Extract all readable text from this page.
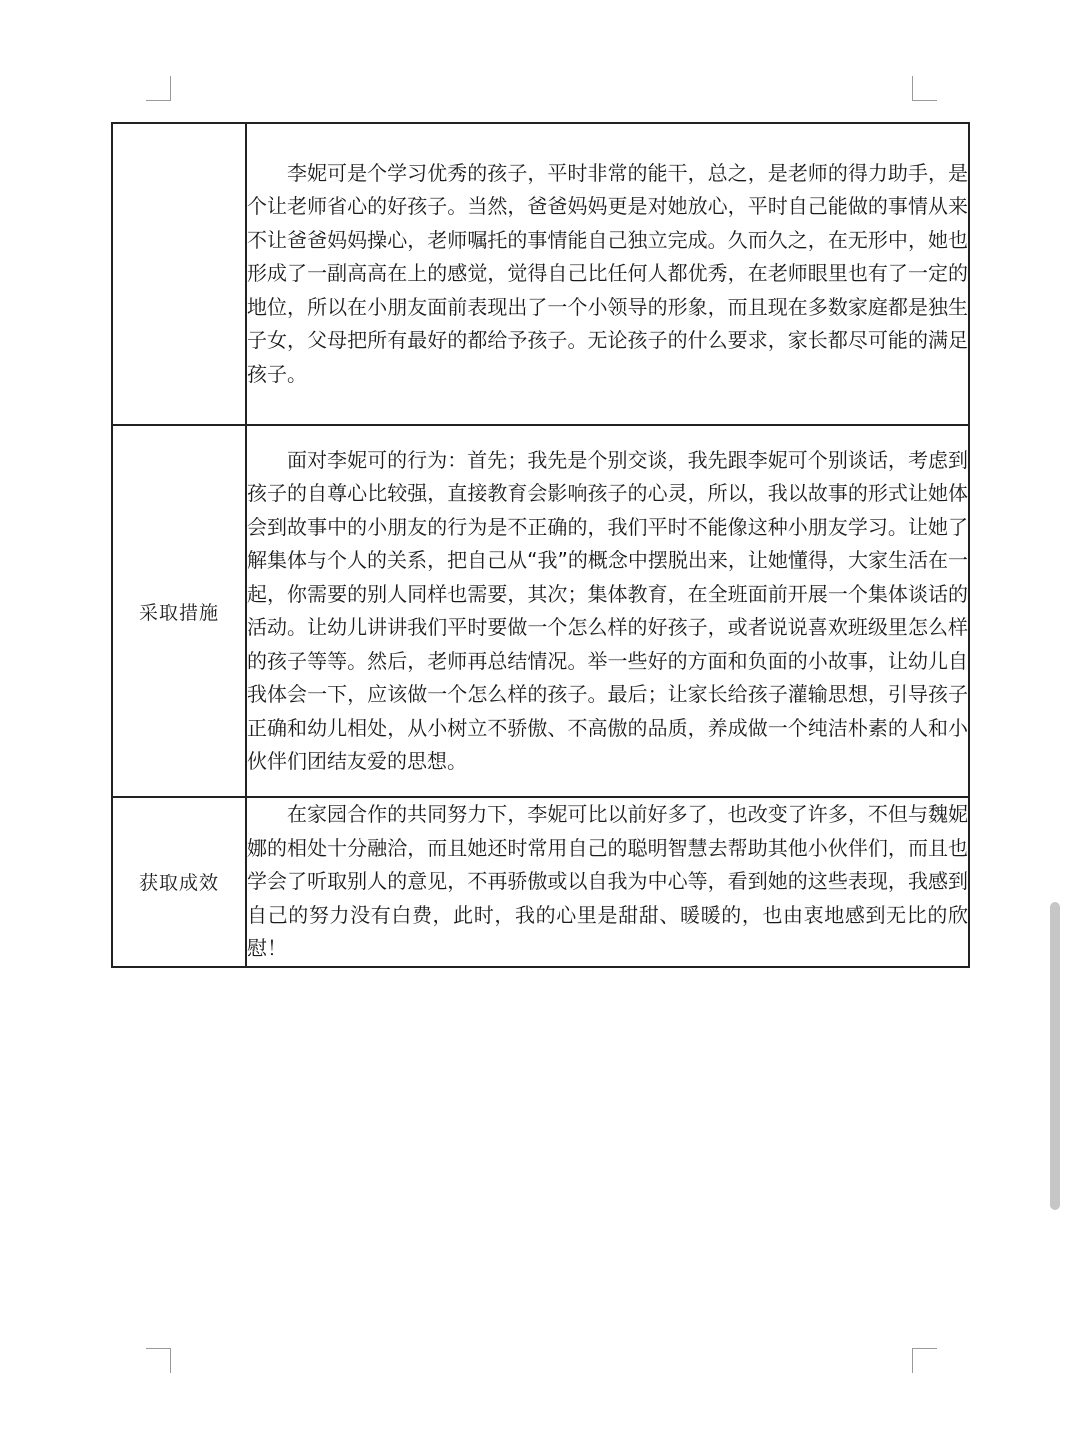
	李妮可是个学习优秀的孩子，平时非常的能干，总之，是老师的得力助手，是个让老师省心的好孩子。当然，爸爸妈妈更是对她放心，平时自己能做的事情从来不让爸爸妈妈操心，老师嘱托的事情能自己独立完成。久而久之，在无形中，她也形成了一副高高在上的感觉，觉得自己比任何人都优秀，在老师眼里也有了一定的地位，所以在小朋友面前表现出了一个小领导的形象，而且现在多数家庭都是独生子女，父母把所有最好的都给予孩子。无论孩子的什么要求，家长都尽可能的满足孩子。
采取措施	面对李妮可的行为：首先；我先是个别交谈，我先跟李妮可个别谈话，考虑到孩子的自尊心比较强，直接教育会影响孩子的心灵，所以，我以故事的形式让她体会到故事中的小朋友的行为是不正确的，我们平时不能像这种小朋友学习。让她了解集体与个人的关系，把自己从“我”的概念中摆脱出来，让她懂得，大家生活在一起，你需要的别人同样也需要，其次；集体教育，在全班面前开展一个集体谈话的活动。让幼儿讲讲我们平时要做一个怎么样的好孩子，或者说说喜欢班级里怎么样的孩子等等。然后，老师再总结情况。举一些好的方面和负面的小故事，让幼儿自我体会一下，应该做一个怎么样的孩子。最后；让家长给孩子灌输思想，引导孩子正确和幼儿相处，从小树立不骄傲、不高傲的品质，养成做一个纯洁朴素的人和小伙伴们团结友爱的思想。
获取成效	在家园合作的共同努力下，李妮可比以前好多了，也改变了许多，不但与魏妮娜的相处十分融洽，而且她还时常用自己的聪明智慧去帮助其他小伙伴们，而且也学会了听取别人的意见，不再骄傲或以自我为中心等，看到她的这些表现，我感到自己的努力没有白费，此时，我的心里是甜甜、暖暖的，也由衷地感到无比的欣慰！
